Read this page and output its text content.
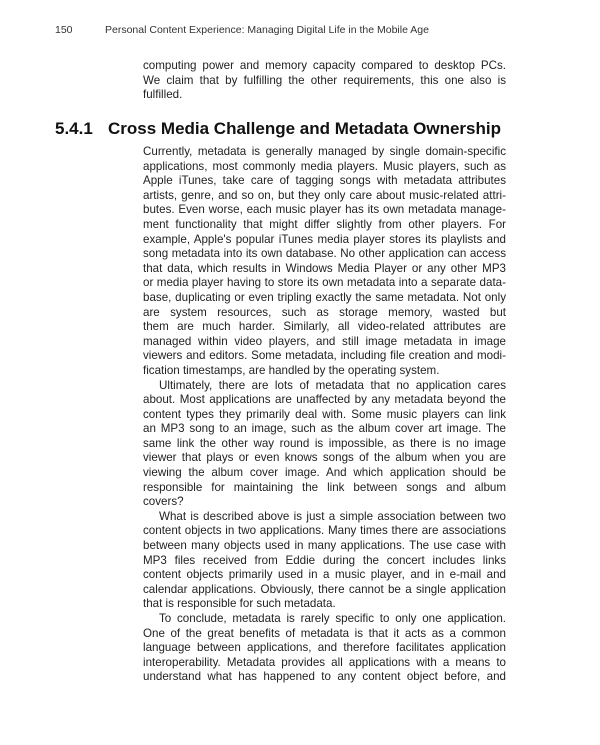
150	Personal Content Experience: Managing Digital Life in the Mobile Age
computing power and memory capacity compared to desktop PCs.
We claim that by fulfilling the other requirements, this one also is
fulfilled.
5.4.1 Cross Media Challenge and Metadata Ownership
Currently, metadata is generally managed by single domain-specific
applications, most commonly media players. Music players, such as
Apple iTunes, take care of tagging songs with metadata attributes
artists, genre, and so on, but they only care about music-related attri-
butes. Even worse, each music player has its own metadata manage-
ment functionality that might differ slightly from other players. For
example, Apple's popular iTunes media player stores its playlists and
song metadata into its own database. No other application can access
that data, which results in Windows Media Player or any other MP3
or media player having to store its own metadata into a separate data-
base, duplicating or even tripling exactly the same metadata. Not only
are system resources, such as storage memory, wasted but
them are much harder. Similarly, all video-related attributes are
managed within video players, and still image metadata in image
viewers and editors. Some metadata, including file creation and modi-
fication timestamps, are handled by the operating system.
Ultimately, there are lots of metadata that no application cares
about. Most applications are unaffected by any metadata beyond the
content types they primarily deal with. Some music players can link
an MP3 song to an image, such as the album cover art image. The
same link the other way round is impossible, as there is no image
viewer that plays or even knows songs of the album when you are
viewing the album cover image. And which application should be
responsible for maintaining the link between songs and album
covers?
What is described above is just a simple association between two
content objects in two applications. Many times there are associations
between many objects used in many applications. The use case with
MP3 files received from Eddie during the concert includes links
content objects primarily used in a music player, and in e-mail and
calendar applications. Obviously, there cannot be a single application
that is responsible for such metadata.
To conclude, metadata is rarely specific to only one application.
One of the great benefits of metadata is that it acts as a common
language between applications, and therefore facilitates application
interoperability. Metadata provides all applications with a means to
understand what has happened to any content object before, and
